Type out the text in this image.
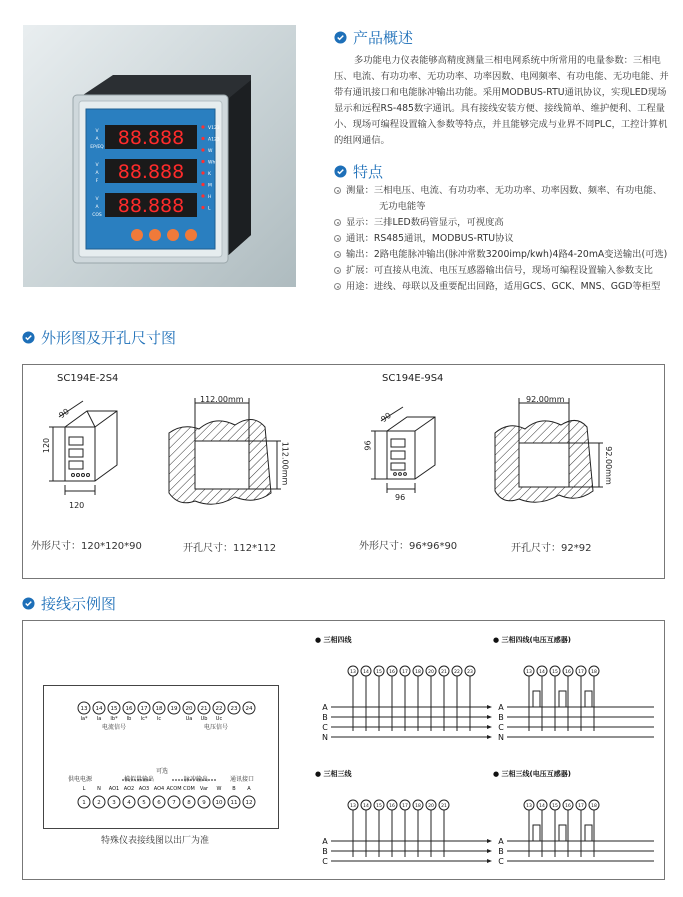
88.888
V
A
EP/EQ
88.888
V
A
F
88.888
V
A
COS
V123
A123
W
Wh
K
M
H
L
产品概述
多功能电力仪表能够高精度测量三相电网系统中所常用的电量参数：三相电压、电流、有功功率、无功功率、功率因数、电网频率、有功电能、无功电能、并带有通讯接口和电能脉冲输出功能。采用MODBUS-RTU通讯协议，实现LED现场显示和远程RS-485数字通讯。具有接线安装方便、接线简单、维护便利、工程量小、现场可编程设置输入参数等特点，并且能够完成与业界不同PLC，工控计算机的组网通信。
特点
测量：三相电压、电流、有功功率、无功功率、功率因数、频率、有功电能、
无功电能等
显示：三排LED数码管显示，可视度高
通讯：RS485通讯，MODBUS-RTU协议
输出：2路电能脉冲输出(脉冲常数3200imp/kwh)4路4-20mA变送输出(可选)
扩展：可直接从电流、电压互感器输出信号，现场可编程设置输入参数支比
用途：进线、母联以及重要配出回路，适用GCS、GCK、MNS、GGD等柜型
外形图及开孔尺寸图
SC194E-2S4	SC194E-9S4
90
120
120
112.00mm
112.00mm
90
96
96
92.00mm
92.00mm
外形尺寸：120*120*90	开孔尺寸：112*112	外形尺寸：96*96*90	开孔尺寸：92*92
接线示例图
13 14 15 16 17 18 19 20 21 22 23 24
Ia* Ia Ib* Ib Ic* Ic	Ua Ub Uc
1 2 3 4 5 6 7 8 9 10 11 12
L N AO1 AO2 AO3 AO4 ACOM COM Var W B A
电流信号	电压信号
可选
供电电源	模拟量输出	脉冲输出	通讯接口
特殊仪表接线图以出厂为准
13 14 15 16 17 18 20 21 22 23
A
B
C
N
13 14 15 16 17 18
A
B
C
N
13 14 15 16 17 18 20 21
A
B
C
13 14 15 16 17 18
A
B
C
● 三相四线	● 三相四线(电压互感器)
● 三相三线	● 三相三线(电压互感器)
